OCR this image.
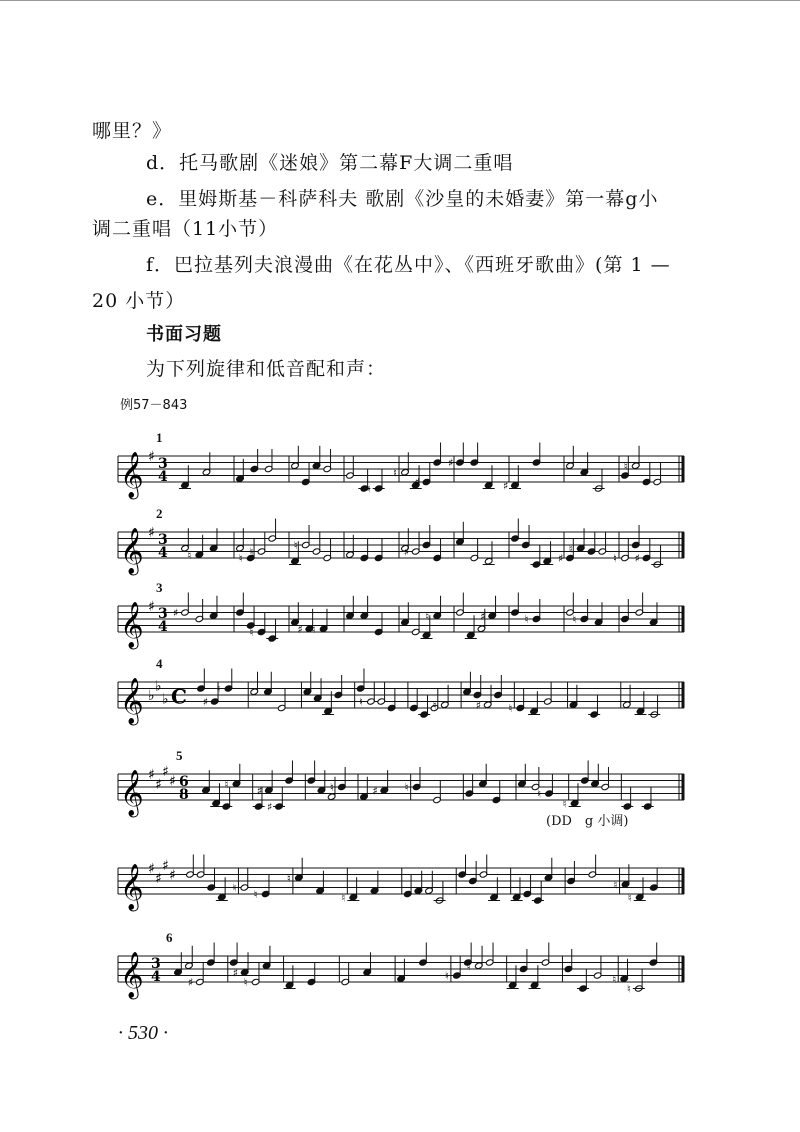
哪里？》
d．托马歌剧《迷娘》第二幕F大调二重唱
e．里姆斯基－科萨科夫 歌剧《沙皇的未婚妻》第一幕g小
调二重唱（11小节）
f．巴拉基列夫浪漫曲《在花丛中》、《西班牙歌曲》(第 1 —
20 小节）
书面习题
为下列旋律和低音配和声：
例57－843
1
𝄞 ♯ 3
4
♮
♮
♯
♯
♯
♮
2
𝄞 ♯ 3
4 ♮	♮ ♮	♮	♯	♯
♮
♮ ♯
3
𝄞 ♯ 3
4
♯
♮	♯ ♮
♮	♯	♮	♮
4
𝄞 ♭
♭
♭ C ♯
♮
♮	♮	♯ ♮
5
𝄞 ♯
♯
♯
♯ 6
8
♮	♯
♯
♮	♯ ♮	♮
♮
(DD　g 小调)
𝄞 ♯
♯
♯
♯
♮ ♮
♮
♮	♮	♮
♮
6
𝄞 3
4 ♯
♯
♮	♮
♮
♮
♮
· 530 ·
